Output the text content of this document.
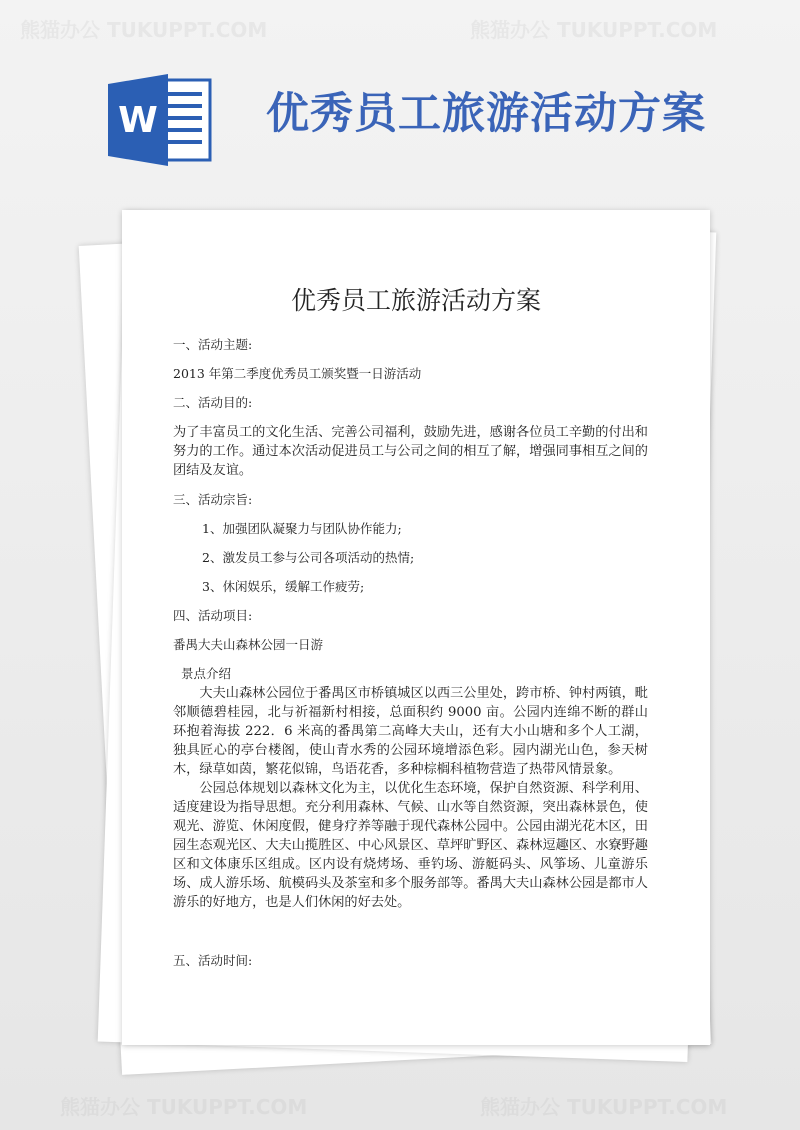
熊猫办公 TUKUPPT.COM	熊猫办公 TUKUPPT.COM
熊猫办公 TUKUPPT.COM	熊猫办公 TUKUPPT.COM
W	优秀员工旅游活动方案
优秀员工旅游活动方案
一、活动主题:
2013 年第二季度优秀员工颁奖暨一日游活动
二、活动目的:
为了丰富员工的文化生活、完善公司福利，鼓励先进，感谢各位员工辛勤的付出和努力的工作。通过本次活动促进员工与公司之间的相互了解，增强同事相互之间的团结及友谊。
三、活动宗旨:
1、加强团队凝聚力与团队协作能力;
2、激发员工参与公司各项活动的热情;
3、休闲娱乐，缓解工作疲劳;
四、活动项目:
番禺大夫山森林公园一日游
景点介绍
大夫山森林公园位于番禺区市桥镇城区以西三公里处，跨市桥、钟村两镇，毗邻顺德碧桂园，北与祈福新村相接，总面积约 9000 亩。公园内连绵不断的群山环抱着海拔 222．6 米高的番禺第二高峰大夫山，还有大小山塘和多个人工湖，独具匠心的亭台楼阁，使山青水秀的公园环境增添色彩。园内湖光山色，参天树木，绿草如茵，繁花似锦，鸟语花香，多种棕榈科植物营造了热带风情景象。
公园总体规划以森林文化为主，以优化生态环境，保护自然资源、科学利用、适度建设为指导思想。充分利用森林、气候、山水等自然资源，突出森林景色，使观光、游览、休闲度假，健身疗养等融于现代森林公园中。公园由湖光花木区，田园生态观光区、大夫山揽胜区、中心风景区、草坪旷野区、森林逗趣区、水寮野趣区和文体康乐区组成。区内设有烧烤场、垂钓场、游艇码头、风筝场、儿童游乐场、成人游乐场、航模码头及茶室和多个服务部等。番禺大夫山森林公园是都市人游乐的好地方，也是人们休闲的好去处。
五、活动时间:
